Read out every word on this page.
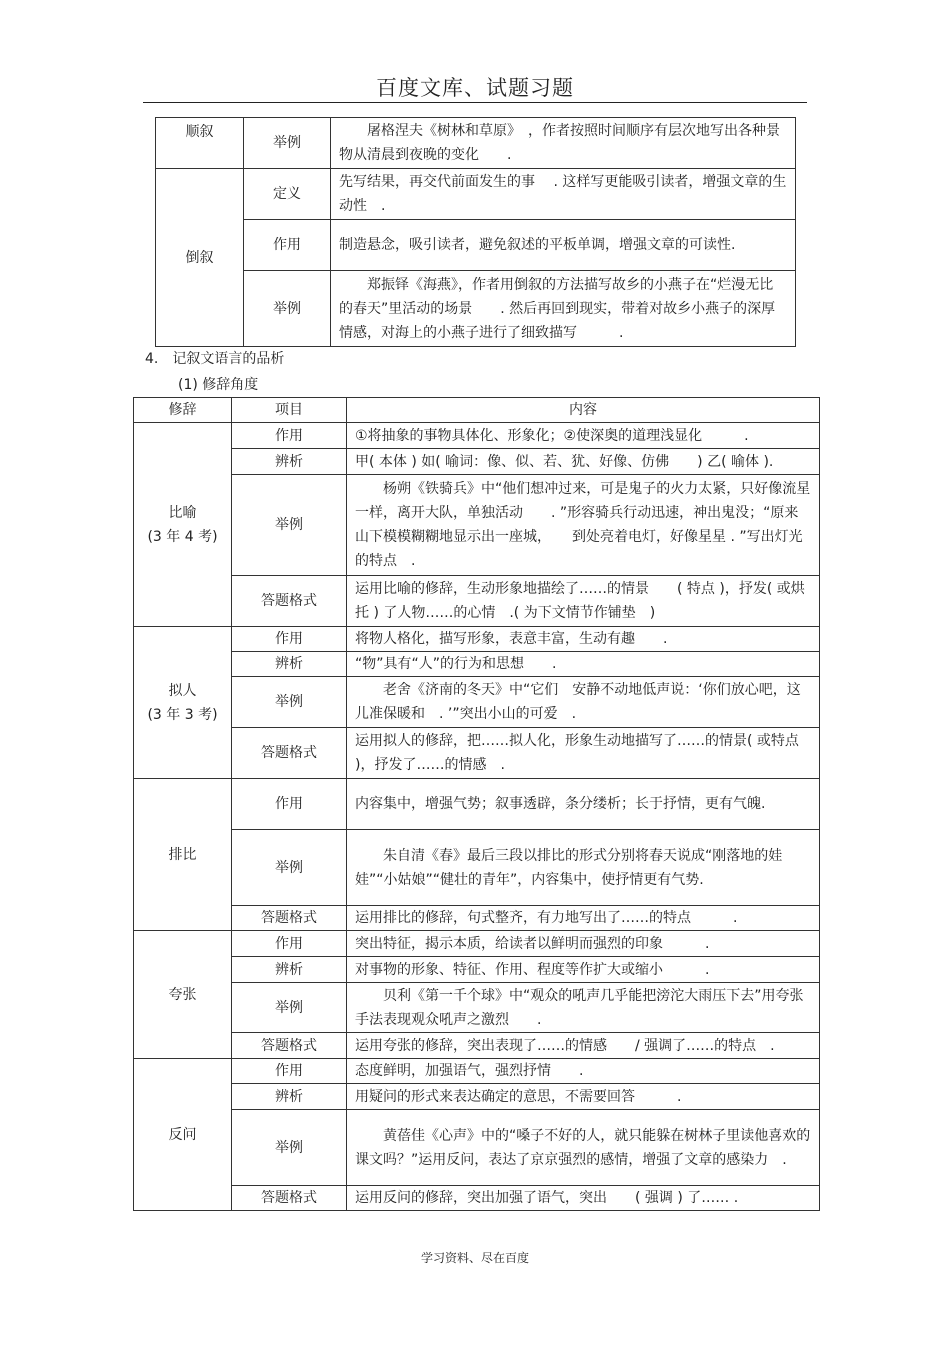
百度文库、试题习题
顺叙	举例	　　屠格涅夫《树林和草原》　，作者按照时间顺序有层次地写出各种景物从清晨到夜晚的变化　　.
倒叙	定义	先写结果，再交代前面发生的事　 . 这样写更能吸引读者，增强文章的生动性　.
	作用	制造悬念，吸引读者，避免叙述的平板单调，增强文章的可读性.
	举例	　　郑振铎《海燕》，作者用倒叙的方法描写故乡的小燕子在“烂漫无比的春天”里活动的场景　　. 然后再回到现实，带着对故乡小燕子的深厚情感，对海上的小燕子进行了细致描写　　　.
4.　记叙文语言的品析
(1) 修辞角度
修辞	项目	内容

比喻
(3 年 4 考)	作用	①将抽象的事物具体化、形象化；②使深奥的道理浅显化　　　.
	辨析	甲( 本体 ) 如( 喻词：像、似、若、犹、好像、仿佛　　) 乙( 喻体 ).
	举例	　　杨朔《铁骑兵》中“他们想冲过来，可是鬼子的火力太紧，只好像流星一样，离开大队，单独活动　　. ”形容骑兵行动迅速，神出鬼没；“原来山下模模糊糊地显示出一座城，　　到处亮着电灯，好像星星 . ”写出灯光的特点　.
	答题格式	运用比喻的修辞，生动形象地描绘了……的情景　　( 特点 )，抒发( 或烘托 ) 了人物……的心情　.( 为下文情节作铺垫　)

拟人
(3 年 3 考)	作用	将物人格化，描写形象，表意丰富，生动有趣　　.
	辨析	“物”具有“人”的行为和思想　　.
	举例	　　老舍《济南的冬天》中“它们　安静不动地低声说：‘你们放心吧，这儿准保暖和　. ’”突出小山的可爱　.
	答题格式	运用拟人的修辞，把……拟人化，形象生动地描写了……的情景( 或特点 )，抒发了……的情感　.
排比	作用	内容集中，增强气势；叙事透辟，条分缕析；长于抒情，更有气魄.
	举例	　　朱自清《春》最后三段以排比的形式分别将春天说成“刚落地的娃娃”“小姑娘”“健壮的青年”，内容集中，使抒情更有气势.
	答题格式	运用排比的修辞，句式整齐，有力地写出了……的特点　　　.
夸张	作用	突出特征，揭示本质，给读者以鲜明而强烈的印象　　　.
	辨析	对事物的形象、特征、作用、程度等作扩大或缩小　　　.
	举例	　　贝利《第一千个球》中“观众的吼声几乎能把滂沱大雨压下去”用夸张手法表现观众吼声之激烈　　.
	答题格式	运用夸张的修辞，突出表现了……的情感　　/ 强调了……的特点　.
反问	作用	态度鲜明，加强语气，强烈抒情　　.
	辨析	用疑问的形式来表达确定的意思，不需要回答　　　.
	举例	　　黄蓓佳《心声》中的“嗓子不好的人，就只能躲在树林子里读他喜欢的课文吗？”运用反问，表达了京京强烈的感情，增强了文章的感染力　.
	答题格式	运用反问的修辞，突出加强了语气，突出　　( 强调 ) 了…… .
学习资料、尽在百度
